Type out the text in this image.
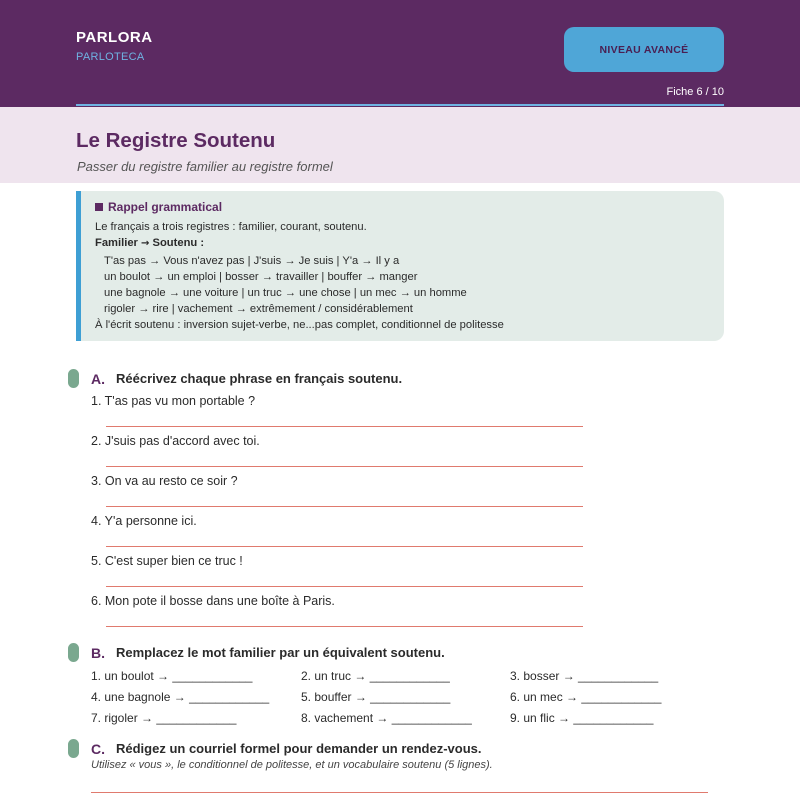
PARLORA
PARLOTECA
NIVEAU AVANCÉ
Fiche 6 / 10
Le Registre Soutenu
Passer du registre familier au registre formel
Rappel grammatical
Le français a trois registres : familier, courant, soutenu.
Familier → Soutenu :
T'as pas → Vous n'avez pas | J'suis → Je suis | Y'a → Il y a
un boulot → un emploi | bosser → travailler | bouffer → manger
une bagnole → une voiture | un truc → une chose | un mec → un homme
rigoler → rire | vachement → extrêmement / considérablement
À l'écrit soutenu : inversion sujet-verbe, ne...pas complet, conditionnel de politesse
A. Réécrivez chaque phrase en français soutenu.
1. T'as pas vu mon portable ?
2. J'suis pas d'accord avec toi.
3. On va au resto ce soir ?
4. Y'a personne ici.
5. C'est super bien ce truc !
6. Mon pote il bosse dans une boîte à Paris.
B. Remplacez le mot familier par un équivalent soutenu.
1. un boulot → ____________	2. un truc → ____________	3. bosser → ____________
4. une bagnole → ____________	5. bouffer → ____________	6. un mec → ____________
7. rigoler → ____________	8. vachement → ____________	9. un flic → ____________
C. Rédigez un courriel formel pour demander un rendez-vous.
Utilisez « vous », le conditionnel de politesse, et un vocabulaire soutenu (5 lignes).
